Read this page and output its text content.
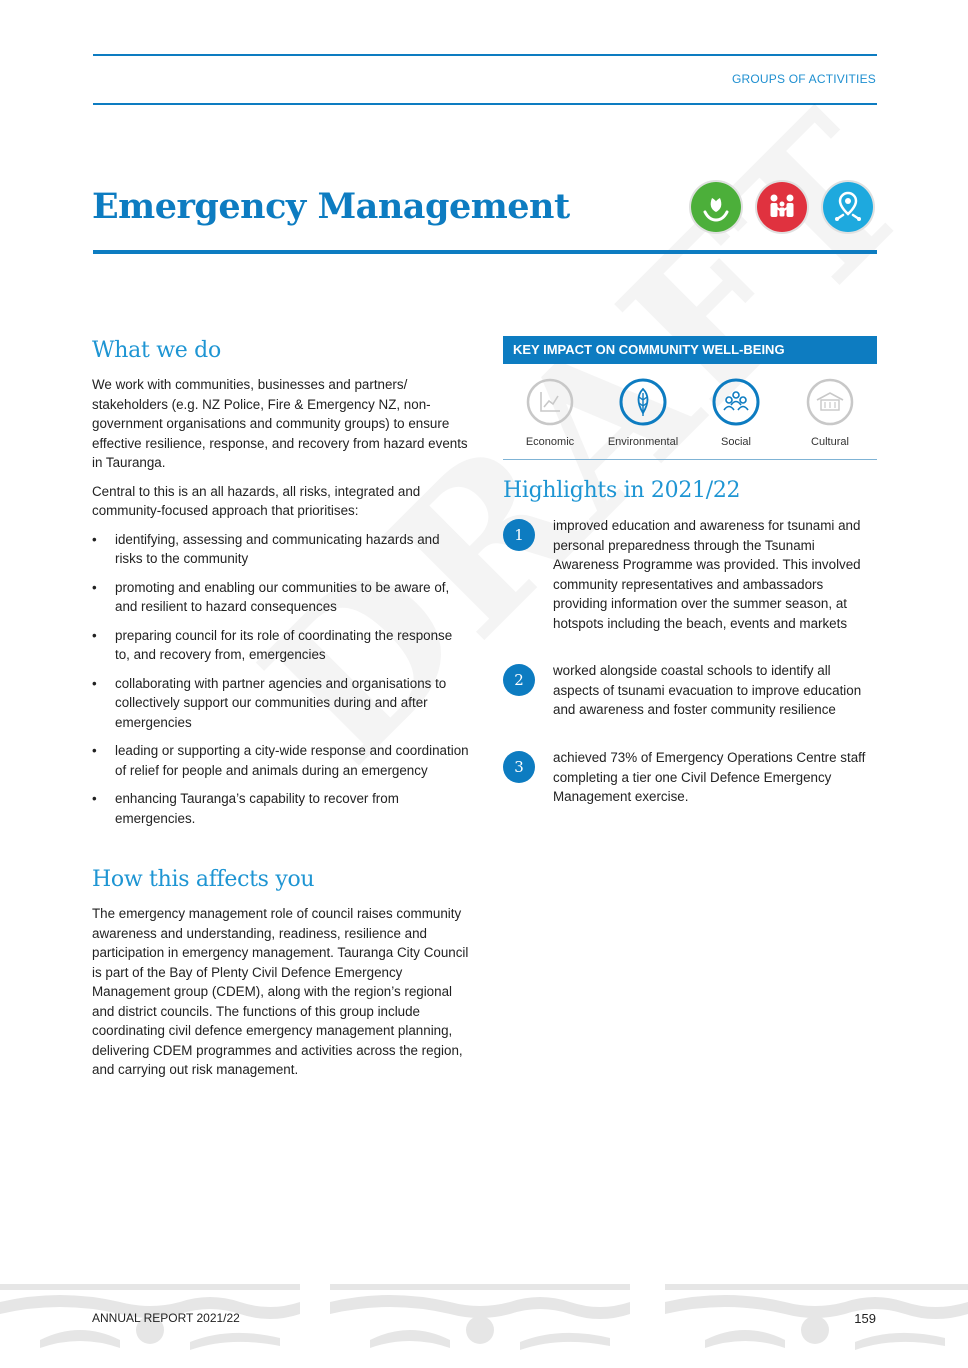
GROUPS OF ACTIVITIES
Emergency Management
What we do

We work with communities, businesses and partners/ stakeholders (e.g. NZ Police, Fire & Emergency NZ, non-government organisations and community groups) to ensure effective resilience, response, and recovery from hazard events in Tauranga.

Central to this is an all hazards, all risks, integrated and community-focused approach that prioritises:

• identifying, assessing and communicating hazards and risks to the community
• promoting and enabling our communities to be aware of, and resilient to hazard consequences
• preparing council for its role of coordinating the response to, and recovery from, emergencies
• collaborating with partner agencies and organisations to collectively support our communities during and after emergencies
• leading or supporting a city-wide response and coordination of relief for people and animals during an emergency
• enhancing Tauranga’s capability to recover from emergencies.
How this affects you

The emergency management role of council raises community awareness and understanding, readiness, resilience and participation in emergency management. Tauranga City Council is part of the Bay of Plenty Civil Defence Emergency Management group (CDEM), along with the region’s regional and district councils. The functions of this group include coordinating civil defence emergency management planning, delivering CDEM programmes and activities across the region, and carrying out risk management.

KEY IMPACT ON COMMUNITY WELL-BEING
Economic	Environmental	Social	Cultural
Highlights in 2021/22
1
improved education and awareness for tsunami and personal preparedness through the Tsunami Awareness Programme was provided. This involved community representatives and ambassadors providing information over the summer season, at hotspots including the beach, events and markets
2
worked alongside coastal schools to identify all aspects of tsunami evacuation to improve education and awareness and foster community resilience
3
achieved 73% of Emergency Operations Centre staff completing a tier one Civil Defence Emergency Management exercise.
ANNUAL REPORT 2021/22	159
